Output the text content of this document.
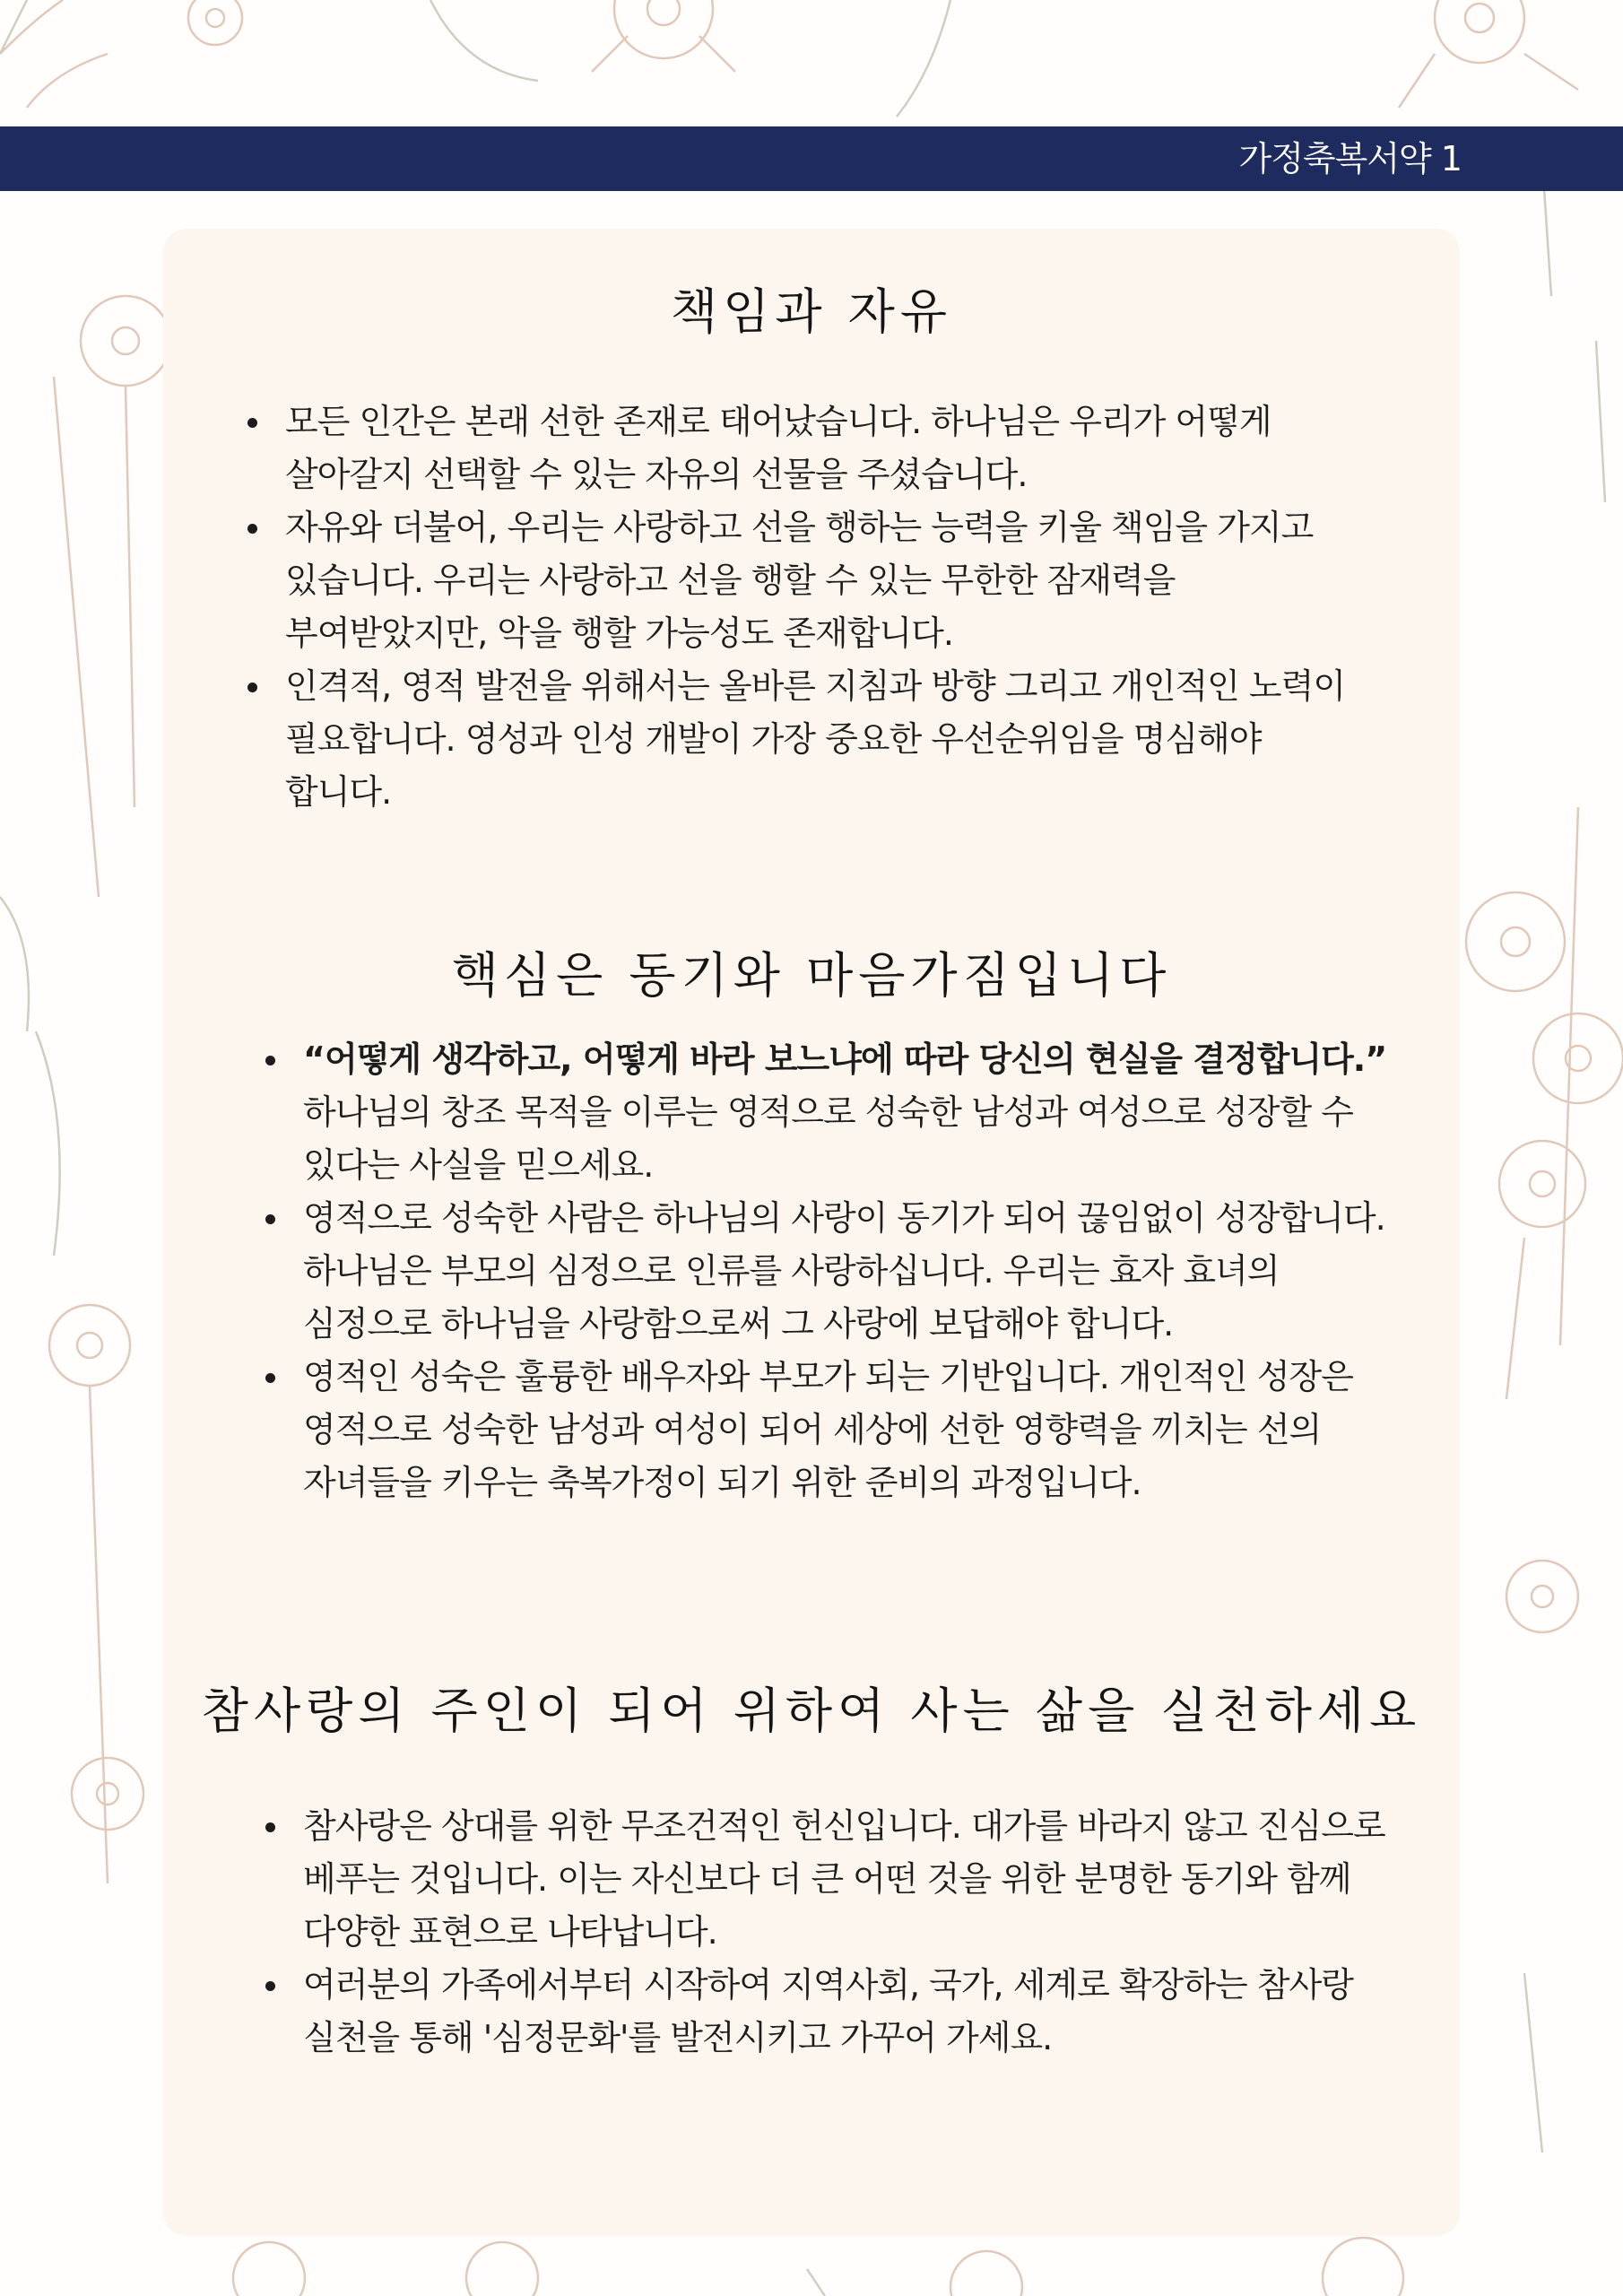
가정축복서약 1
책임과 자유
모든 인간은 본래 선한 존재로 태어났습니다. 하나님은 우리가 어떻게 살아갈지 선택할 수 있는 자유의 선물을 주셨습니다.
자유와 더불어, 우리는 사랑하고 선을 행하는 능력을 키울 책임을 가지고 있습니다. 우리는 사랑하고 선을 행할 수 있는 무한한 잠재력을 부여받았지만, 악을 행할 가능성도 존재합니다.
인격적, 영적 발전을 위해서는 올바른 지침과 방향 그리고 개인적인 노력이 필요합니다. 영성과 인성 개발이 가장 중요한 우선순위임을 명심해야 합니다.
핵심은 동기와 마음가짐입니다
“어떻게 생각하고, 어떻게 바라 보느냐에 따라 당신의 현실을 결정합니다.” 하나님의 창조 목적을 이루는 영적으로 성숙한 남성과 여성으로 성장할 수 있다는 사실을 믿으세요.
영적으로 성숙한 사람은 하나님의 사랑이 동기가 되어 끊임없이 성장합니다. 하나님은 부모의 심정으로 인류를 사랑하십니다. 우리는 효자 효녀의 심정으로 하나님을 사랑함으로써 그 사랑에 보답해야 합니다.
영적인 성숙은 훌륭한 배우자와 부모가 되는 기반입니다. 개인적인 성장은 영적으로 성숙한 남성과 여성이 되어 세상에 선한 영향력을 끼치는 선의 자녀들을 키우는 축복가정이 되기 위한 준비의 과정입니다.
참사랑의 주인이 되어 위하여 사는 삶을 실천하세요
참사랑은 상대를 위한 무조건적인 헌신입니다. 대가를 바라지 않고 진심으로 베푸는 것입니다. 이는 자신보다 더 큰 어떤 것을 위한 분명한 동기와 함께 다양한 표현으로 나타납니다.
여러분의 가족에서부터 시작하여 지역사회, 국가, 세계로 확장하는 참사랑 실천을 통해 '심정문화'를 발전시키고 가꾸어 가세요.
